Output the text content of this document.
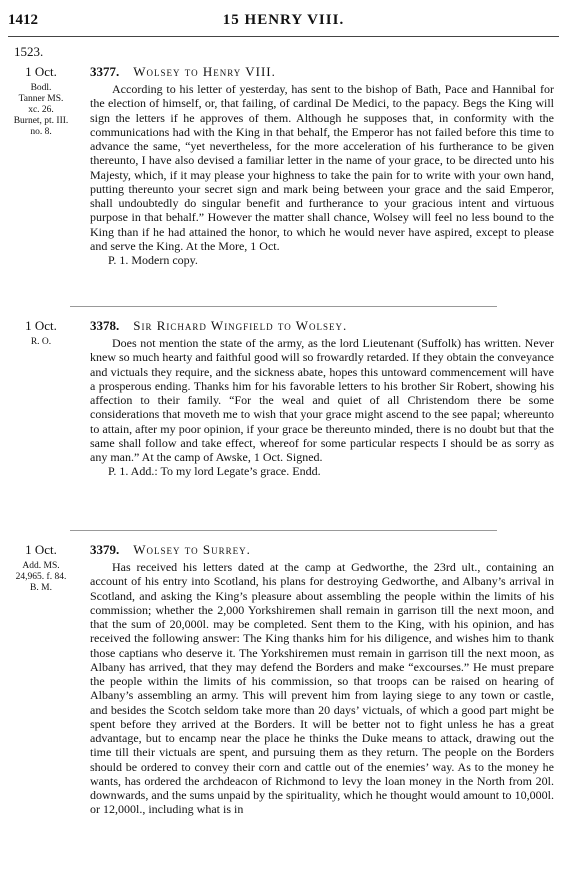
1412	15 HENRY VIII.
1523.
1 Oct.
Bodl.
Tanner MS.
xc. 26.
Burnet, pt. III.
no. 8.
3377. Wolsey to Henry VIII.
According to his letter of yesterday, has sent to the bishop of Bath, Pace and Hannibal for the election of himself, or, that failing, of cardinal De Medici, to the papacy. Begs the King will sign the letters if he approves of them. Although he supposes that, in conformity with the communications had with the King in that behalf, the Emperor has not failed before this time to advance the same, “yet nevertheless, for the more acceleration of his furtherance to be given thereunto, I have also devised a familiar letter in the name of your grace, to be directed unto his Majesty, which, if it may please your highness to take the pain for to write with your own hand, putting thereunto your secret sign and mark being between your grace and the said Emperor, shall undoubtedly do singular benefit and furtherance to your gracious intent and virtuous purpose in that behalf.” However the matter shall chance, Wolsey will feel no less bound to the King than if he had attained the honor, to which he would never have aspired, except to please and serve the King. At the More, 1 Oct.
P. 1. Modern copy.
1 Oct.
R. O.
3378. Sir Richard Wingfield to Wolsey.
Does not mention the state of the army, as the lord Lieutenant (Suffolk) has written. Never knew so much hearty and faithful good will so frowardly retarded. If they obtain the conveyance and victuals they require, and the sickness abate, hopes this untoward commencement will have a prosperous ending. Thanks him for his favorable letters to his brother Sir Robert, showing his affection to their family. “For the weal and quiet of all Christendom there be some considerations that moveth me to wish that your grace might ascend to the see papal; whereunto to attain, after my poor opinion, if your grace be thereunto minded, there is no doubt but that the same shall follow and take effect, whereof for some particular respects I should be as sorry as any man.” At the camp of Awske, 1 Oct. Signed.
P. 1. Add.: To my lord Legate’s grace. Endd.
1 Oct.
Add. MS.
24,965. f. 84.
B. M.
3379. Wolsey to Surrey.
Has received his letters dated at the camp at Gedworthe, the 23rd ult., containing an account of his entry into Scotland, his plans for destroying Gedworthe, and Albany’s arrival in Scotland, and asking the King’s pleasure about assembling the people within the limits of his commission; whether the 2,000 Yorkshiremen shall remain in garrison till the next moon, and that the sum of 20,000l. may be completed. Sent them to the King, with his opinion, and has received the following answer: The King thanks him for his diligence, and wishes him to thank those captians who deserve it. The Yorkshiremen must remain in garrison till the next moon, as Albany has arrived, that they may defend the Borders and make “excourses.” He must prepare the people within the limits of his commission, so that troops can be raised on hearing of Albany’s assembling an army. This will prevent him from laying siege to any town or castle, and besides the Scotch seldom take more than 20 days’ victuals, of which a good part might be spent before they arrived at the Borders. It will be better not to fight unless he has a great advantage, but to encamp near the place he thinks the Duke means to attack, drawing out the time till their victuals are spent, and pursuing them as they return. The people on the Borders should be ordered to convey their corn and cattle out of the enemies’ way. As to the money he wants, has ordered the archdeacon of Richmond to levy the loan money in the North from 20l. downwards, and the sums unpaid by the spirituality, which he thought would amount to 10,000l. or 12,000l., including what is in
